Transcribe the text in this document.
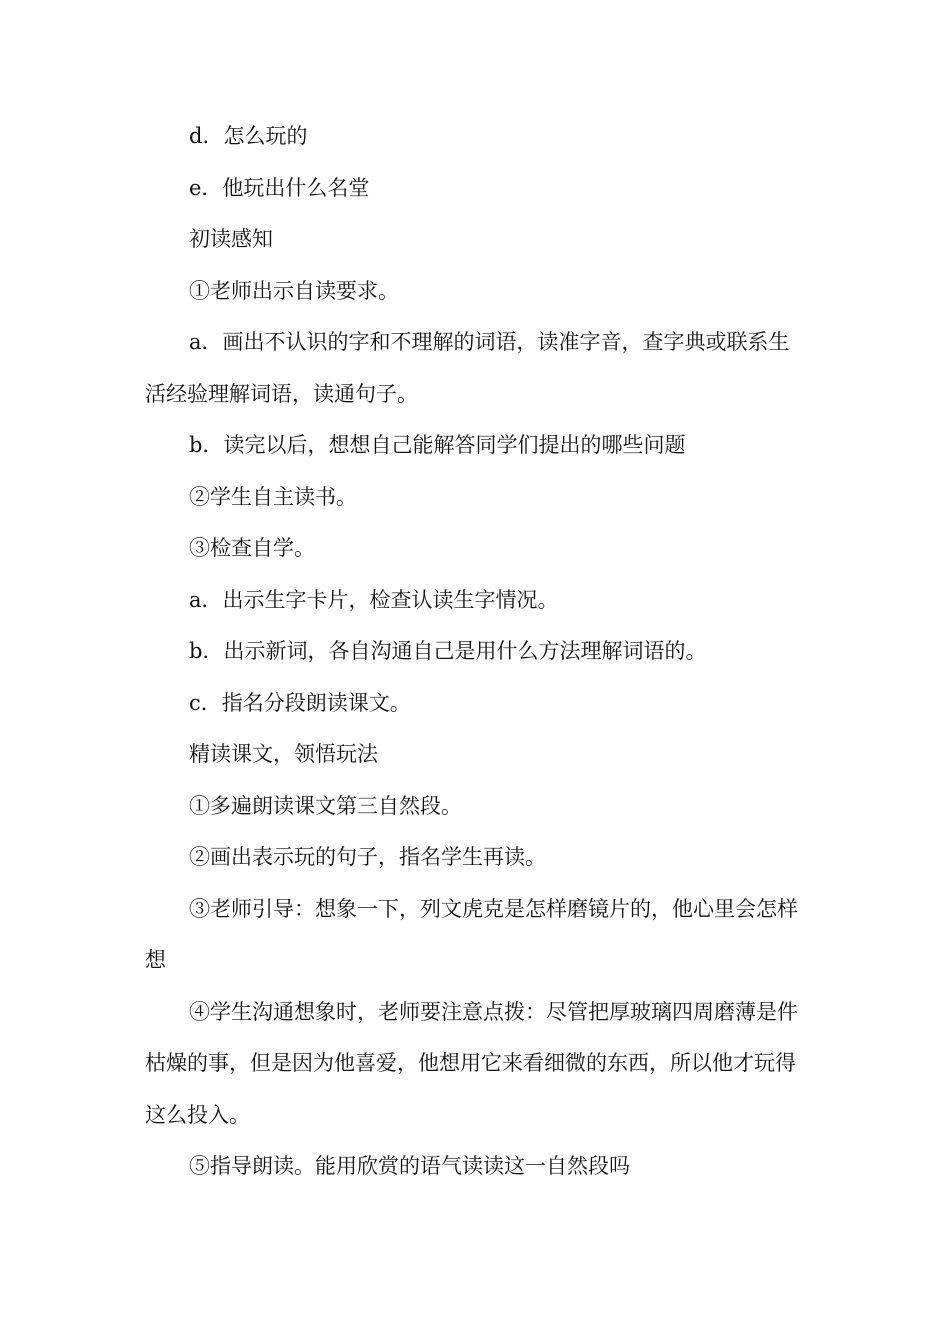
d．怎么玩的

e．他玩出什么名堂

初读感知

①老师出示自读要求。

a．画出不认识的字和不理解的词语，读准字音，查字典或联系生活经验理解词语，读通句子。

b．读完以后，想想自己能解答同学们提出的哪些问题

②学生自主读书。

③检查自学。

a．出示生字卡片，检查认读生字情况。

b．出示新词，各自沟通自己是用什么方法理解词语的。

c．指名分段朗读课文。

精读课文，领悟玩法

①多遍朗读课文第三自然段。

②画出表示玩的句子，指名学生再读。

③老师引导：想象一下，列文虎克是怎样磨镜片的，他心里会怎样想

④学生沟通想象时，老师要注意点拨：尽管把厚玻璃四周磨薄是件枯燥的事，但是因为他喜爱，他想用它来看细微的东西，所以他才玩得这么投入。

⑤指导朗读。能用欣赏的语气读读这一自然段吗
